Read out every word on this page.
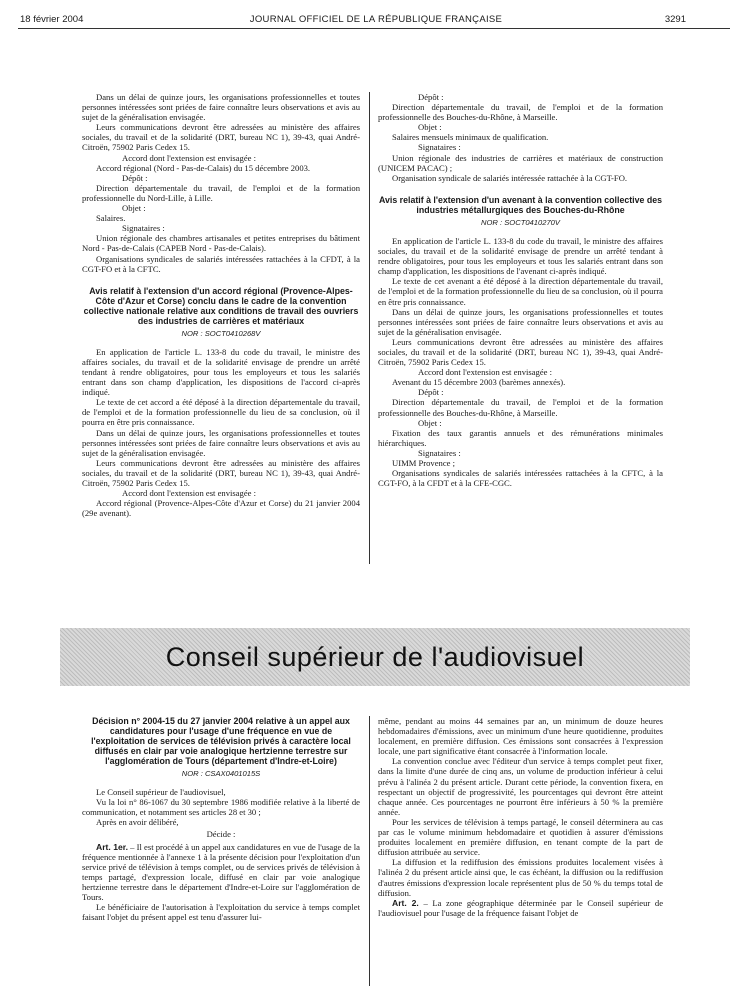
18 février 2004	JOURNAL OFFICIEL DE LA RÉPUBLIQUE FRANÇAISE	3291

Dans un délai de quinze jours, les organisations professionnelles et toutes personnes intéressées sont priées de faire connaître leurs observations et avis au sujet de la généralisation envisagée.

Leurs communications devront être adressées au ministère des affaires sociales, du travail et de la solidarité (DRT, bureau NC 1), 39-43, quai André-Citroën, 75902 Paris Cedex 15.

Accord dont l'extension est envisagée :

Accord régional (Nord - Pas-de-Calais) du 15 décembre 2003.

Dépôt :

Direction départementale du travail, de l'emploi et de la formation professionnelle du Nord-Lille, à Lille.

Objet :

Salaires.

Signataires :

Union régionale des chambres artisanales et petites entreprises du bâtiment Nord - Pas-de-Calais (CAPEB Nord - Pas-de-Calais).

Organisations syndicales de salariés intéressées rattachées à la CFDT, à la CGT-FO et à la CFTC.

Avis relatif à l'extension d'un accord régional (Provence-Alpes-Côte d'Azur et Corse) conclu dans le cadre de la convention collective nationale relative aux conditions de travail des ouvriers des industries de carrières et matériaux
NOR : SOCT0410268V

En application de l'article L. 133-8 du code du travail, le ministre des affaires sociales, du travail et de la solidarité envisage de prendre un arrêté tendant à rendre obligatoires, pour tous les employeurs et tous les salariés entrant dans son champ d'application, les dispositions de l'accord ci-après indiqué.

Le texte de cet accord a été déposé à la direction départementale du travail, de l'emploi et de la formation professionnelle du lieu de sa conclusion, où il pourra en être pris connaissance.

Dans un délai de quinze jours, les organisations professionnelles et toutes personnes intéressées sont priées de faire connaître leurs observations et avis au sujet de la généralisation envisagée.

Leurs communications devront être adressées au ministère des affaires sociales, du travail et de la solidarité (DRT, bureau NC 1), 39-43, quai André-Citroën, 75902 Paris Cedex 15.

Accord dont l'extension est envisagée :

Accord régional (Provence-Alpes-Côte d'Azur et Corse) du 21 janvier 2004 (29e avenant).

Dépôt :

Direction départementale du travail, de l'emploi et de la formation professionnelle des Bouches-du-Rhône, à Marseille.

Objet :

Salaires mensuels minimaux de qualification.

Signataires :

Union régionale des industries de carrières et matériaux de construction (UNICEM PACAC) ;

Organisation syndicale de salariés intéressée rattachée à la CGT-FO.

Avis relatif à l'extension d'un avenant à la convention collective des industries métallurgiques des Bouches-du-Rhône
NOR : SOCT0410270V

En application de l'article L. 133-8 du code du travail, le ministre des affaires sociales, du travail et de la solidarité envisage de prendre un arrêté tendant à rendre obligatoires, pour tous les employeurs et tous les salariés entrant dans son champ d'application, les dispositions de l'avenant ci-après indiqué.

Le texte de cet avenant a été déposé à la direction départementale du travail, de l'emploi et de la formation professionnelle du lieu de sa conclusion, où il pourra en être pris connaissance.

Dans un délai de quinze jours, les organisations professionnelles et toutes personnes intéressées sont priées de faire connaître leurs observations et avis au sujet de la généralisation envisagée.

Leurs communications devront être adressées au ministère des affaires sociales, du travail et de la solidarité (DRT, bureau NC 1), 39-43, quai André-Citroën, 75902 Paris Cedex 15.

Accord dont l'extension est envisagée :

Avenant du 15 décembre 2003 (barèmes annexés).

Dépôt :

Direction départementale du travail, de l'emploi et de la formation professionnelle des Bouches-du-Rhône, à Marseille.

Objet :

Fixation des taux garantis annuels et des rémunérations minimales hiérarchiques.

Signataires :

UIMM Provence ;

Organisations syndicales de salariés intéressées rattachées à la CFTC, à la CGT-FO, à la CFDT et à la CFE-CGC.

Conseil supérieur de l'audiovisuel
Décision n° 2004-15 du 27 janvier 2004 relative à un appel aux candidatures pour l'usage d'une fréquence en vue de l'exploitation de services de télévision privés à caractère local diffusés en clair par voie analogique hertzienne terrestre sur l'agglomération de Tours (département d'Indre-et-Loire)
NOR : CSAX0401015S

Le Conseil supérieur de l'audiovisuel,

Vu la loi n° 86-1067 du 30 septembre 1986 modifiée relative à la liberté de communication, et notamment ses articles 28 et 30 ;

Après en avoir délibéré,

Décide :

Art. 1er. – Il est procédé à un appel aux candidatures en vue de l'usage de la fréquence mentionnée à l'annexe 1 à la présente décision pour l'exploitation d'un service privé de télévision à temps complet, ou de services privés de télévision à temps partagé, d'expression locale, diffusé en clair par voie analogique hertzienne terrestre dans le département d'Indre-et-Loire sur l'agglomération de Tours.

Le bénéficiaire de l'autorisation à l'exploitation du service à temps complet faisant l'objet du présent appel est tenu d'assurer lui-

même, pendant au moins 44 semaines par an, un minimum de douze heures hebdomadaires d'émissions, avec un minimum d'une heure quotidienne, produites localement, en première diffusion. Ces émissions sont consacrées à l'expression locale, une part significative étant consacrée à l'information locale.

La convention conclue avec l'éditeur d'un service à temps complet peut fixer, dans la limite d'une durée de cinq ans, un volume de production inférieur à celui prévu à l'alinéa 2 du présent article. Durant cette période, la convention fixera, en respectant un objectif de progressivité, les pourcentages qui devront être atteint chaque année. Ces pourcentages ne pourront être inférieurs à 50 % la première année.

Pour les services de télévision à temps partagé, le conseil déterminera au cas par cas le volume minimum hebdomadaire et quotidien à assurer d'émissions produites localement en première diffusion, en tenant compte de la part de diffusion attribuée au service.

La diffusion et la rediffusion des émissions produites localement visées à l'alinéa 2 du présent article ainsi que, le cas échéant, la diffusion ou la rediffusion d'autres émissions d'expression locale représentent plus de 50 % du temps total de diffusion.

Art. 2. – La zone géographique déterminée par le Conseil supérieur de l'audiovisuel pour l'usage de la fréquence faisant l'objet de
